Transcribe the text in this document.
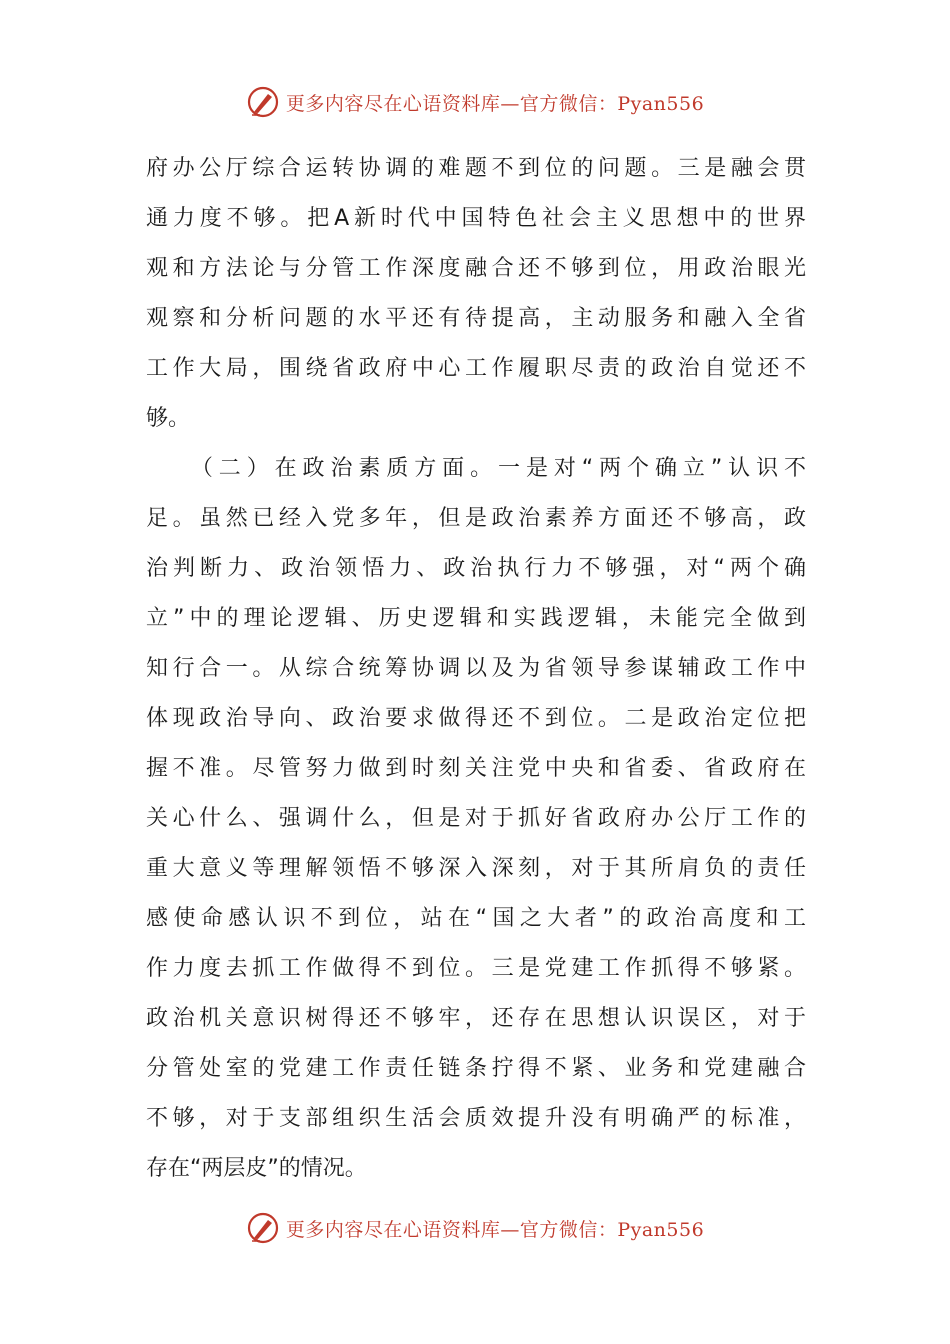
更多内容尽在心语资料库—官方微信：Pyan556
府办公厅综合运转协调的难题不到位的问题。三是融会贯
通力度不够。把A新时代中国特色社会主义思想中的世界
观和方法论与分管工作深度融合还不够到位，用政治眼光
观察和分析问题的水平还有待提高，主动服务和融入全省
工作大局，围绕省政府中心工作履职尽责的政治自觉还不
够。
　　（二）在政治素质方面。一是对“两个确立”认识不
足。虽然已经入党多年，但是政治素养方面还不够高，政
治判断力、政治领悟力、政治执行力不够强，对“两个确
立”中的理论逻辑、历史逻辑和实践逻辑，未能完全做到
知行合一。从综合统筹协调以及为省领导参谋辅政工作中
体现政治导向、政治要求做得还不到位。二是政治定位把
握不准。尽管努力做到时刻关注党中央和省委、省政府在
关心什么、强调什么，但是对于抓好省政府办公厅工作的
重大意义等理解领悟不够深入深刻，对于其所肩负的责任
感使命感认识不到位，站在“国之大者”的政治高度和工
作力度去抓工作做得不到位。三是党建工作抓得不够紧。
政治机关意识树得还不够牢，还存在思想认识误区，对于
分管处室的党建工作责任链条拧得不紧、业务和党建融合
不够，对于支部组织生活会质效提升没有明确严的标准，
存在“两层皮”的情况。
更多内容尽在心语资料库—官方微信：Pyan556
